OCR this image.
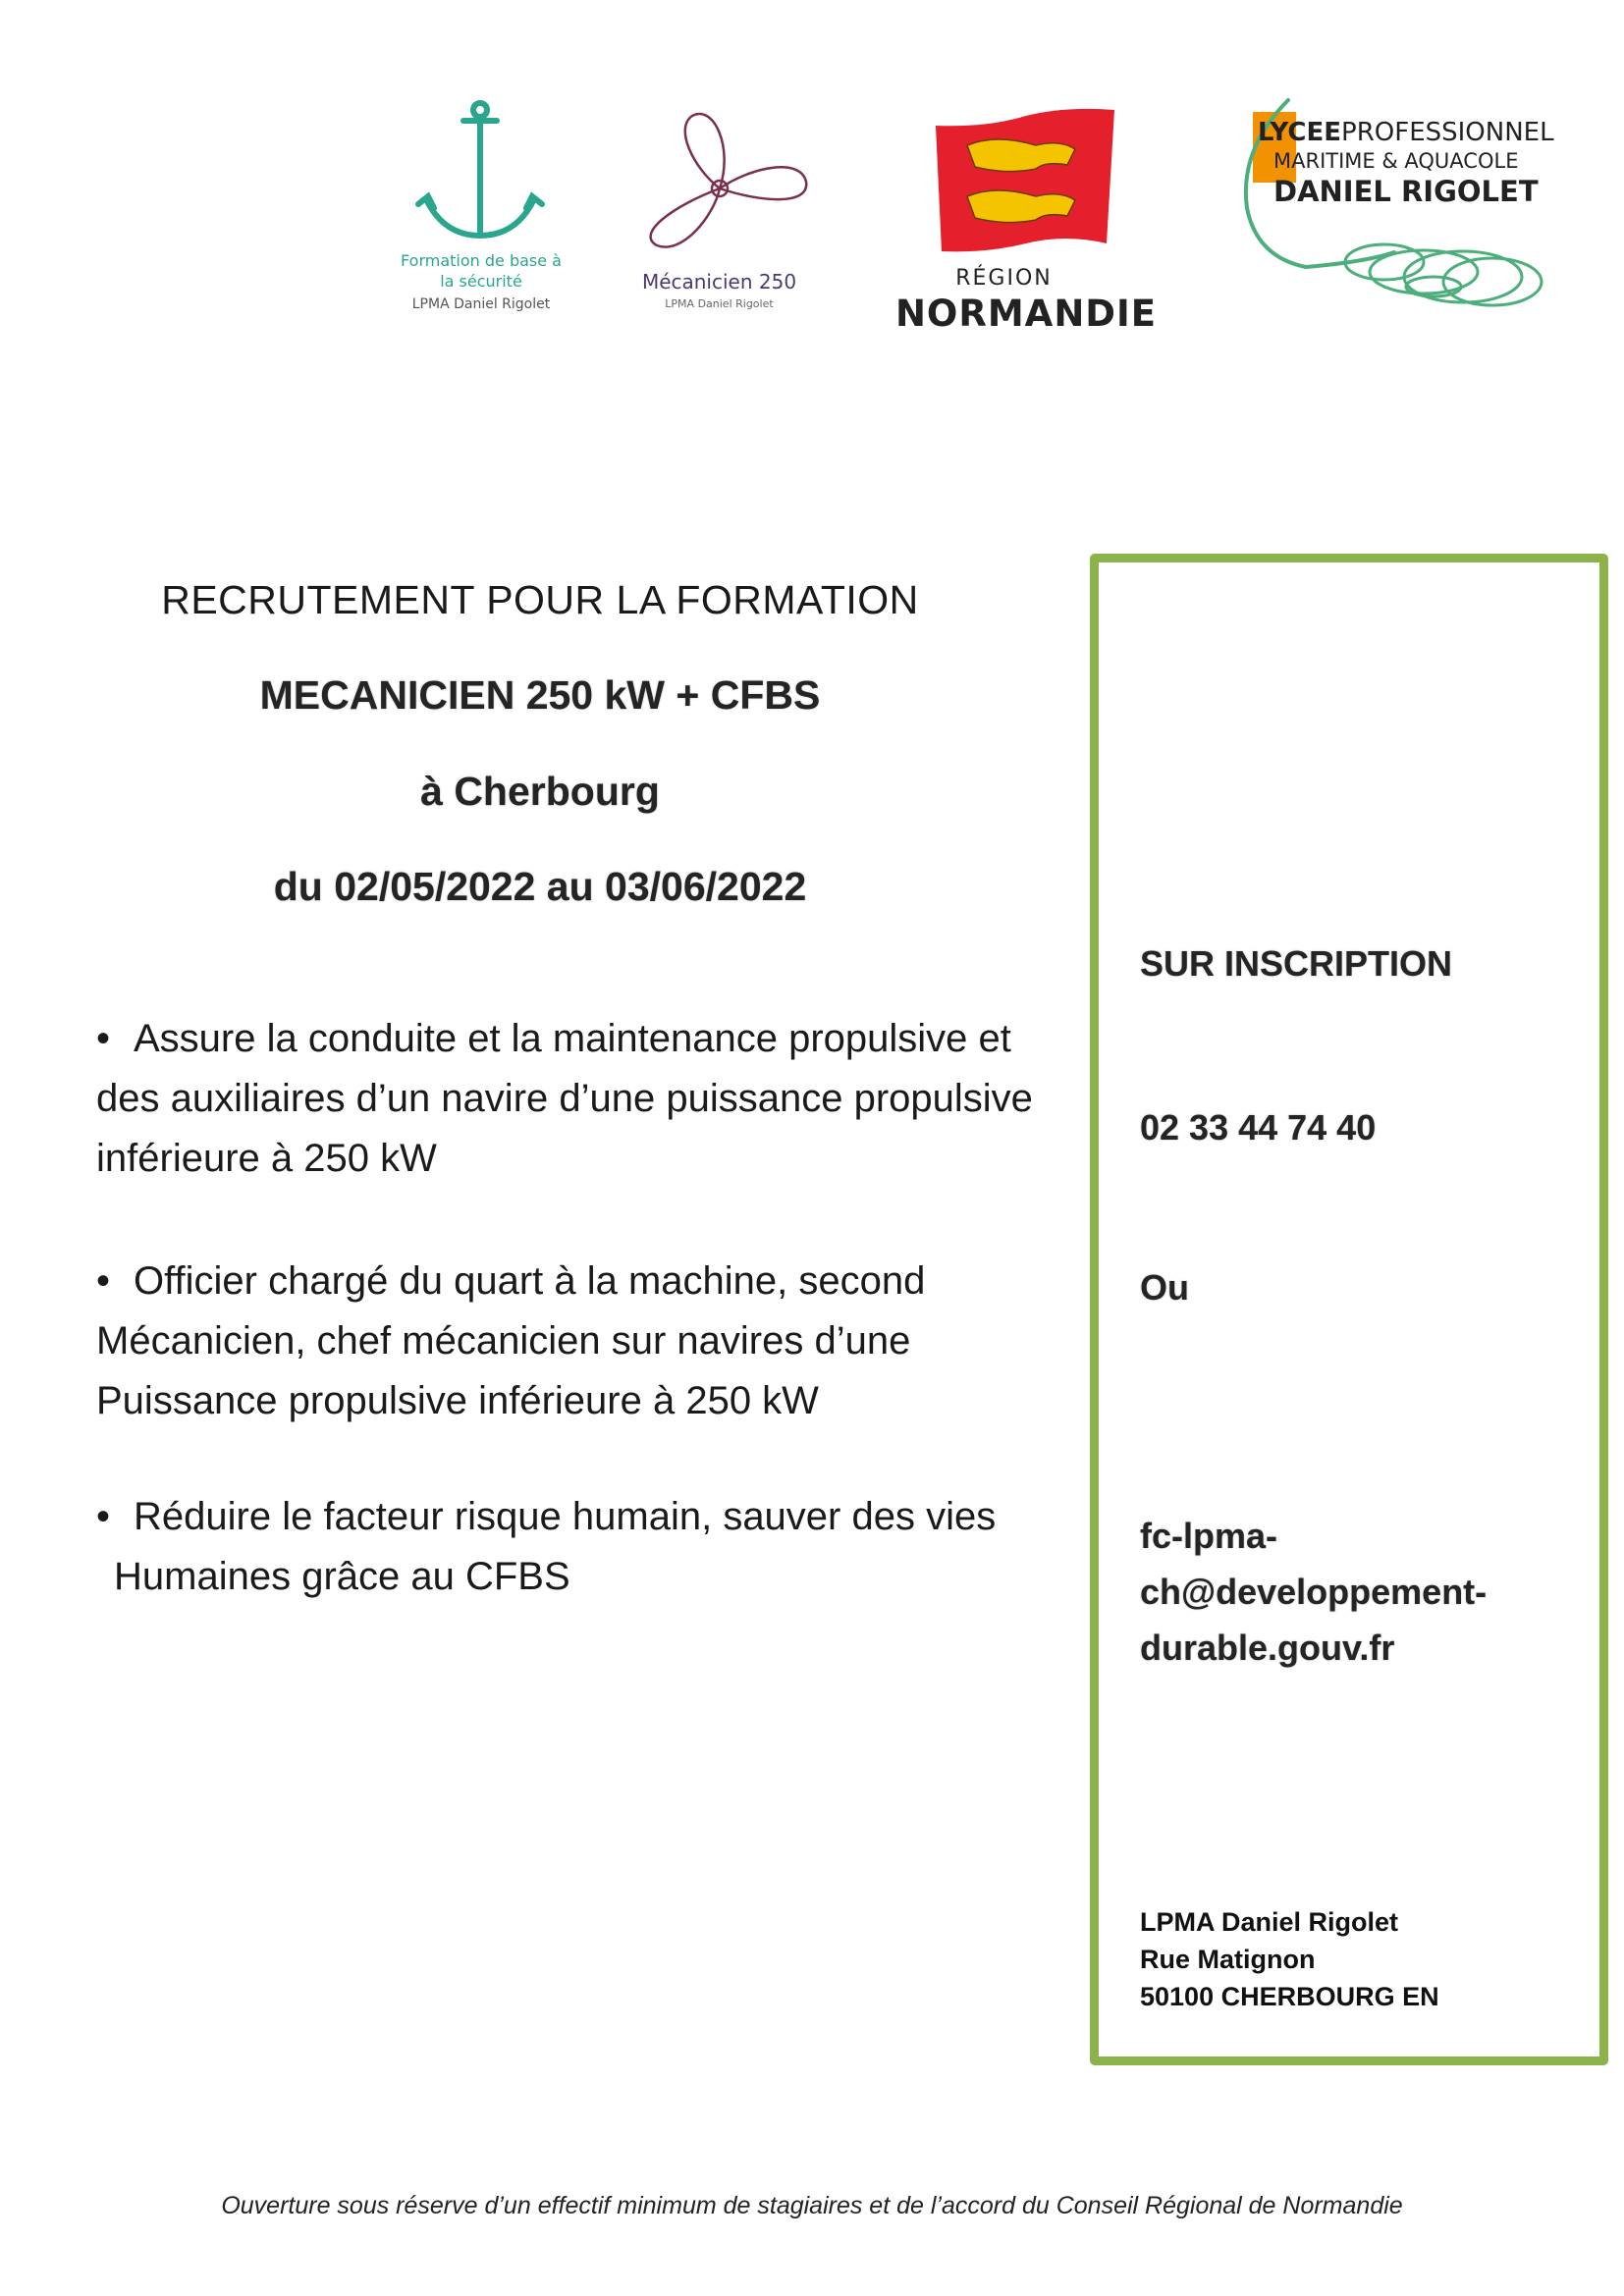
Formation de base à
la sécurité
LPMA Daniel Rigolet
Mécanicien 250
LPMA Daniel Rigolet
RÉGION
NORMANDIE
LYCEEPROFESSIONNEL
MARITIME & AQUACOLE
DANIEL RIGOLET
RECRUTEMENT POUR LA FORMATION
MECANICIEN 250 kW + CFBS
à Cherbourg
du 02/05/2022 au 03/06/2022
• Assure la conduite et la maintenance propulsive et
des auxiliaires d’un navire d’une puissance propulsive
inférieure à 250 kW
• Officier chargé du quart à la machine, second
Mécanicien, chef mécanicien sur navires d’une
Puissance propulsive inférieure à 250 kW
• Réduire le facteur risque humain, sauver des vies
Humaines grâce au CFBS
SUR INSCRIPTION
02 33 44 74 40
Ou
fc-lpma-
ch@developpement-
durable.gouv.fr
LPMA Daniel Rigolet
Rue Matignon
50100 CHERBOURG EN
Ouverture sous réserve d’un effectif minimum de stagiaires et de l’accord du Conseil Régional de Normandie
